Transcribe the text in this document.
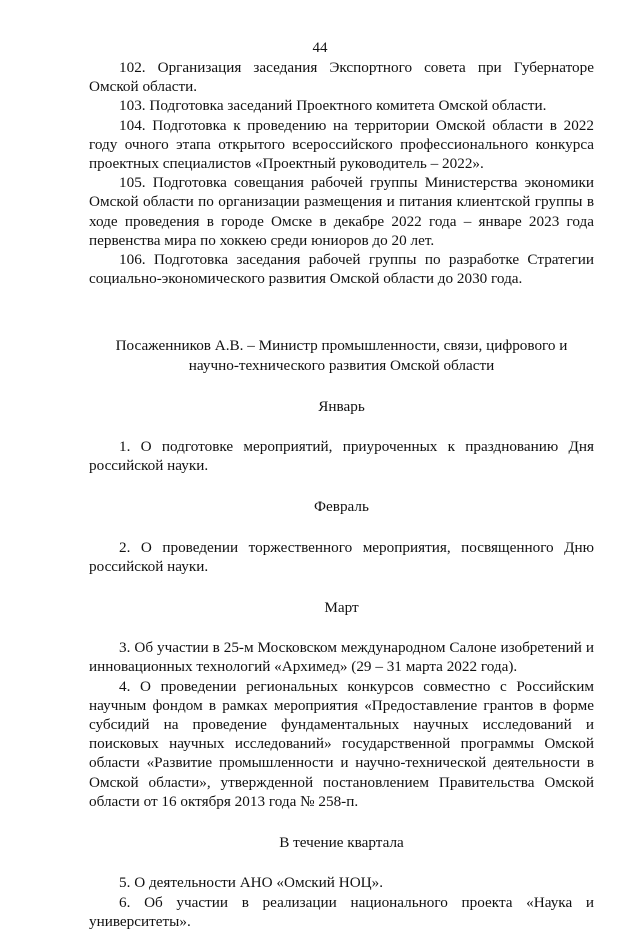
44

102. Организация заседания Экспортного совета при Губернаторе Омской области.

103. Подготовка заседаний Проектного комитета Омской области.

104. Подготовка к проведению на территории Омской области в 2022 году очного этапа открытого всероссийского профессионального конкурса проектных специалистов «Проектный руководитель – 2022».

105. Подготовка совещания рабочей группы Министерства экономики Омской области по организации размещения и питания клиентской группы в ходе проведения в городе Омске в декабре 2022 года – январе 2023 года первенства мира по хоккею среди юниоров до 20 лет.

106. Подготовка заседания рабочей группы по разработке Стратегии социально-экономического развития Омской области до 2030 года.

Посаженников А.В. – Министр промышленности, связи, цифрового и научно-технического развития Омской области

Январь

1. О подготовке мероприятий, приуроченных к празднованию Дня российской науки.

Февраль

2. О проведении торжественного мероприятия, посвященного Дню российской науки.

Март

3. Об участии в 25-м Московском международном Салоне изобретений и инновационных технологий «Архимед» (29 – 31 марта 2022 года).

4. О проведении региональных конкурсов совместно с Российским научным фондом в рамках мероприятия «Предоставление грантов в форме субсидий на проведение фундаментальных научных исследований и поисковых научных исследований» государственной программы Омской области «Развитие промышленности и научно-технической деятельности в Омской области», утвержденной постановлением Правительства Омской области от 16 октября 2013 года № 258-п.

В течение квартала

5. О деятельности АНО «Омский НОЦ».

6. Об участии в реализации национального проекта «Наука и университеты».
